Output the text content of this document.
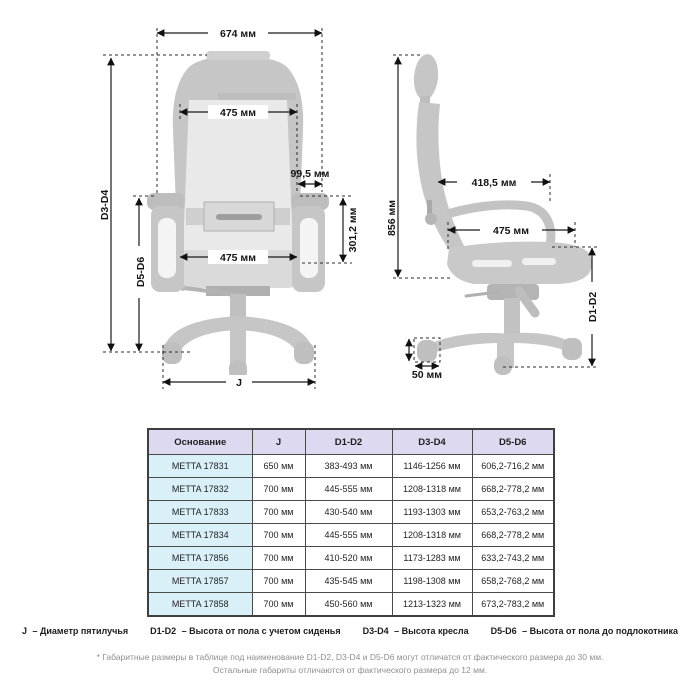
674 мм
475 мм
99,5 мм
301,2 мм
475 мм
D3-D4
D5-D6
J
856 мм
418,5 мм
475 мм
D1-D2
50 мм
Основание	J	D1-D2	D3-D4	D5-D6
METTA 17831	650 мм	383-493 мм	1146-1256 мм	606,2-716,2 мм
METTA 17832	700 мм	445-555 мм	1208-1318 мм	668,2-778,2 мм
METTA 17833	700 мм	430-540 мм	1193-1303 мм	653,2-763,2 мм
METTA 17834	700 мм	445-555 мм	1208-1318 мм	668,2-778,2 мм
METTA 17856	700 мм	410-520 мм	1173-1283 мм	633,2-743,2 мм
METTA 17857	700 мм	435-545 мм	1198-1308 мм	658,2-768,2 мм
METTA 17858	700 мм	450-560 мм	1213-1323 мм	673,2-783,2 мм
J – Диаметр пятилучья D1-D2 – Высота от пола с учетом сиденья D3-D4 – Высота кресла D5-D6 – Высота от пола до подлокотника
* Габаритные размеры в таблице под наименование D1-D2, D3-D4 и D5-D6 могут отличатся от фактического размера до 30 мм.
Остальные габариты отличаются от фактического размера до 12 мм.
